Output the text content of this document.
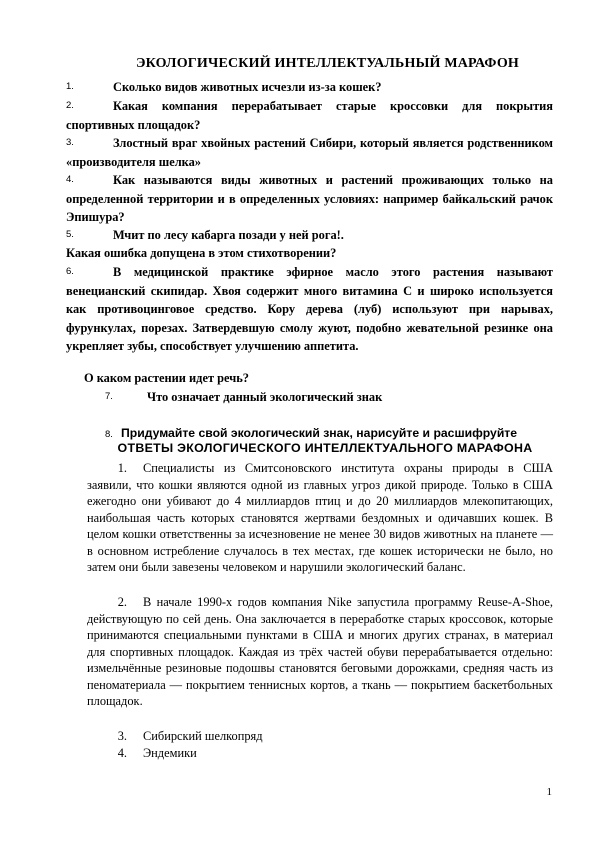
ЭКОЛОГИЧЕСКИЙ ИНТЕЛЛЕКТУАЛЬНЫЙ МАРАФОН
1.	Сколько видов животных исчезли из-за кошек?
2.	Какая компания перерабатывает старые кроссовки для покрытия спортивных площадок?
3.	Злостный враг хвойных растений Сибири, который является родственником «производителя шелка»
4.	Как называются виды животных и растений проживающих только на определенной территории и в определенных условиях: например байкальский рачок Эпишура?
5.	Мчит по лесу кабарга позади у ней рога!.
Какая ошибка допущена в этом стихотворении?
6.	В медицинской практике эфирное масло этого растения называют венецианский скипидар. Хвоя содержит много витамина С и широко используется как противоцинговое средство. Кору дерева (луб) используют при нарывах, фурункулах, порезах. Затвердевшую смолу жуют, подобно жевательной резинке она укрепляет зубы, способствует улучшению аппетита.
О каком растении идет речь?
7.	Что означает данный экологический знак
8. Придумайте свой экологический знак, нарисуйте и расшифруйте
ОТВЕТЫ ЭКОЛОГИЧЕСКОГО ИНТЕЛЛЕКТУАЛЬНОГО МАРАФОНА
1. Специалисты из Смитсоновского института охраны природы в США заявили, что кошки являются одной из главных угроз дикой природе. Только в США ежегодно они убивают до 4 миллиардов птиц и до 20 миллиардов млекопитающих, наибольшая часть которых становятся жертвами бездомных и одичавших кошек. В целом кошки ответственны за исчезновение не менее 30 видов животных на планете — в основном истребление случалось в тех местах, где кошек исторически не было, но затем они были завезены человеком и нарушили экологический баланс.
2. В начале 1990-х годов компания Nike запустила программу Reuse-A-Shoe, действующую по сей день. Она заключается в переработке старых кроссовок, которые принимаются специальными пунктами в США и многих других странах, в материал для спортивных площадок. Каждая из трёх частей обуви перерабатывается отдельно: измельчённые резиновые подошвы становятся беговыми дорожками, средняя часть из пеноматериала — покрытием теннисных кортов, а ткань — покрытием баскетбольных площадок.
3. Сибирский шелкопряд
4. Эндемики
1
